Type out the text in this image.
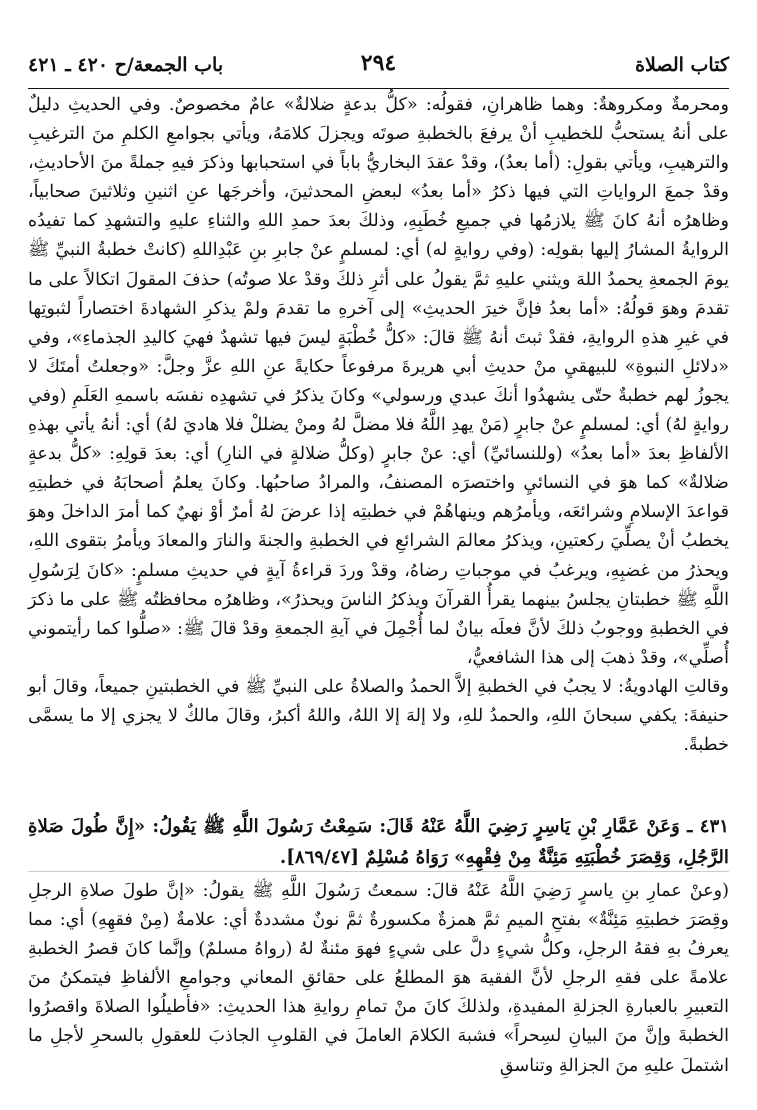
كتاب الصلاة
٢٩٤
باب الجمعة/ح ٤٢٠ ـ ٤٢١

ومحرمةٌ ومكروهةٌ: وهما ظاهرانِ، فقولُه: «كلُّ بدعةٍ ضلالةٌ» عامٌ مخصوصٌ. وفي الحديثِ دليلٌ على أنهُ يستحبُّ للخطيبِ أنْ يرفعَ بالخطبةِ صوتَه ويجزلَ كلامَهُ، ويأتي بجوامعِ الكلمِ منَ الترغيبِ والترهيبِ، ويأتي بقولِ: (أما بعدُ)، وقدْ عقدَ البخاريُّ باباً في استحبابها وذكرَ فيهِ جملةً منَ الأحاديثِ، وقدْ جمعَ الرواياتِ التي فيها ذكرُ «أما بعدُ» لبعضِ المحدثينَ، وأخرجَها عنِ اثنينِ وثلاثينَ صحابياً، وظاهرُه أنهُ كانَ ﷺ يلازمُها في جميعِ خُطَبِهِ، وذلكَ بعدَ حمدِ اللهِ والثناءِ عليهِ والتشهدِ كما تفيدُه الروايةُ المشارُ إليها بقولِه: (وفي روايةٍ له) أي: لمسلمٍ عنْ جابرِ بنِ عَبْدِاللهِ (كانتْ خطبةُ النبيِّ ﷺ يومَ الجمعةِ يحمدُ اللهَ ويثني عليهِ ثمَّ يقولُ على أثرِ ذلكَ وقدْ علا صوتُه) حذفَ المقولَ اتكالاً على ما تقدمَ وهوَ قولُهُ: «أما بعدُ فإنَّ خيرَ الحديثِ» إلى آخرهِ ما تقدمَ ولمْ يذكرِ الشهادةَ اختصاراً لثبوتِها في غيرِ هذهِ الروايةِ، فقدْ ثبتَ أنهُ ﷺ قالَ: «كلُّ خُطْبَةٍ ليسَ فيها تشهدٌ فهيَ كاليدِ الجذماءِ»، وفي «دلائلِ النبوةِ» للبيهقيِ منْ حديثِ أبي هريرةَ مرفوعاً حكايةً عنِ اللهِ عزَّ وجلَّ: «وجعلتُ أمتَكَ لا يجوزُ لهم خطبةٌ حتّى يشهدُوا أنكَ عبدي ورسولي» وكانَ يذكرُ في تشهدِه نفسَه باسمهِ العَلَمِ (وفي روايةٍ لهُ) أي: لمسلمٍ عنْ جابرٍ (مَنْ يهدِ اللَّهُ فلا مضلَّ لهُ ومنْ يضللْ فلا هاديَ لهُ) أي: أنهُ يأتي بهذهِ الألفاظِ بعدَ «أما بعدُ» (وللنسائيِّ) أي: عنْ جابرٍ (وكلُّ ضلالةٍ في النارِ) أي: بعدَ قولِهِ: «كلُّ بدعةٍ ضلالةٌ» كما هوَ في النسائيِ واختصرَه المصنفُ، والمرادُ صاحبُها. وكانَ يعلمُ أصحابَهُ في خطبتِهِ قواعدَ الإسلامِ وشرائعَه، ويأمرُهم وينهاهُمْ في خطبتِه إذا عرضَ لهُ أمرٌ أوْ نهيٌ كما أمرَ الداخلَ وهوَ يخطبُ أنْ يصلِّيَ ركعتينِ، ويذكرُ معالمَ الشرائعِ في الخطبةِ والجنةَ والنارَ والمعادَ ويأمرُ بتقوى اللهِ، ويحذرُ من غضبِهِ، ويرغبُ في موجباتِ رضاهُ، وقدْ وردَ قراءةُ آيةٍ في حديثِ مسلمٍ: «كانَ لِرَسُولِ اللَّهِ ﷺ خطبتانِ يجلسُ بينهما يقرأُ القرآنَ ويذكرُ الناسَ ويحذرُ»، وظاهرُه محافظتُه ﷺ على ما ذكرَ في الخطبةِ ووجوبُ ذلكَ لأنَّ فعلَه بيانٌ لما أُجْمِلَ في آيةِ الجمعةِ وقدْ قالَ ﷺ: «صلُّوا كما رأيتموني أُصلِّي»، وقدْ ذهبَ إلى هذا الشافعيُّ،

وقالتِ الهادويةُ: لا يجبُ في الخطبةِ إلاَّ الحمدُ والصلاةُ على النبيِّ ﷺ في الخطبتينِ جميعاً، وقالَ أبو حنيفةَ: يكفي سبحانَ اللهِ، والحمدُ للهِ، ولا إلهَ إلا اللهُ، واللهُ أكبرُ، وقالَ مالكٌ لا يجزي إلا ما يسمَّى خطبةً.

٤٣١ ـ وَعَنْ عَمَّارِ بْنِ يَاسِرٍ رَضِيَ اللَّهُ عَنْهُ قَالَ: سَمِعْتُ رَسُولَ اللَّهِ ﷺ يَقُولُ: «إِنَّ طُولَ صَلاةِ الرَّجُلِ، وَقِصَرَ خُطْبَتِهِ مَئِنَّةٌ مِنْ فِقْهِهِ» رَوَاهُ مُسْلِمٌ [٨٦٩/٤٧].
(وعنْ عمارِ بنِ ياسرٍ رَضِيَ اللَّهُ عَنْهُ قالَ: سمعتُ رَسُولَ اللَّهِ ﷺ يقولُ: «إنَّ طولَ صلاةِ الرجلِ وقِصَرَ خطبتِهِ مَئِنَّةٌ» بفتحِ الميمِ ثمَّ همزةٌ مكسورةٌ ثمَّ نونٌ مشددةٌ أي: علامةٌ (مِنْ فقهِهِ) أي: مما يعرفُ بهِ فقهُ الرجلِ، وكلُّ شيءٍ دلَّ على شيءٍ فهوَ مئنةٌ لهُ (رواهُ مسلمٌ) وإنَّما كانَ قصرُ الخطبةِ علامةً على فقهِ الرجلِ لأنَّ الفقيهَ هوَ المطلعُ على حقائقِ المعاني وجوامعِ الألفاظِ فيتمكنُ منَ التعبيرِ بالعبارةِ الجزلةِ المفيدةِ، ولذلكَ كانَ منْ تمامِ روايةِ هذا الحديثِ: «فأطيلُوا الصلاةَ واقصرُوا الخطبةَ وإنَّ منَ البيانِ لسِحراً» فشبهَ الكلامَ العاملَ في القلوبِ الجاذبَ للعقولِ بالسحرِ لأجلِ ما اشتملَ عليهِ منَ الجزالةِ وتناسقِ
